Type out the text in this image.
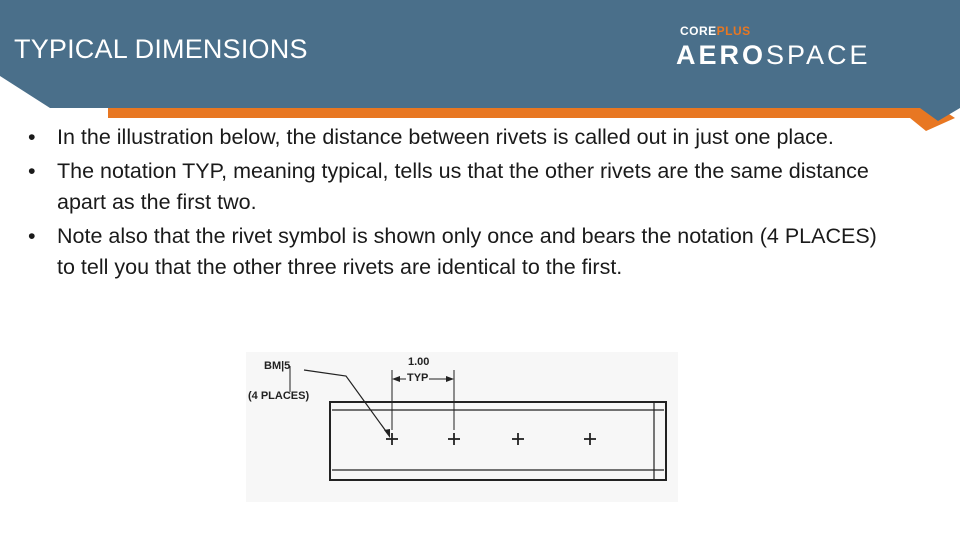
TYPICAL DIMENSIONS
COREPLUS
AEROSPACE
• In the illustration below, the distance between rivets is called out in just one place.
• The notation TYP, meaning typical, tells us that the other rivets are the same distance apart as the first two.
• Note also that the rivet symbol is shown only once and bears the notation (4 PLACES) to tell you that the other three rivets are identical to the first.
BM|5
(4 PLACES)
1.00
TYP
